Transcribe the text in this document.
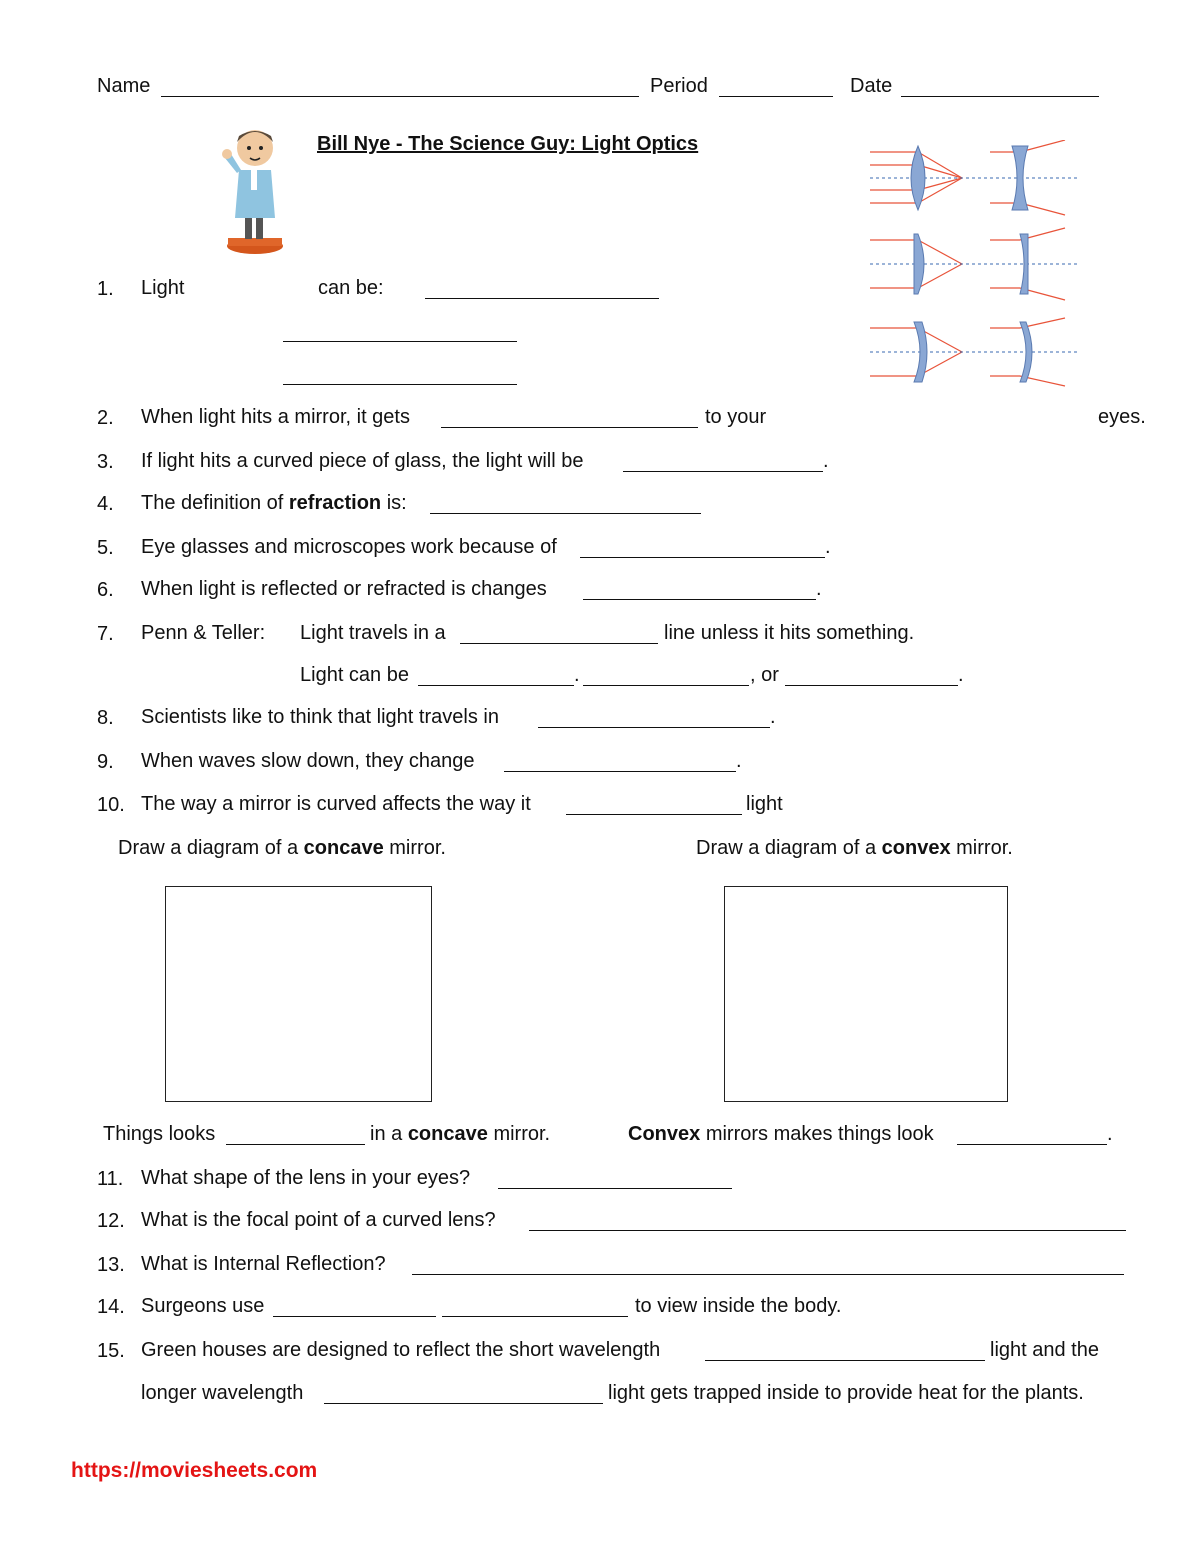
Name	Period	Date
Bill Nye - The Science Guy: Light Optics
1. Light	can be:
2. When light hits a mirror, it gets	to your	eyes.
3. If light hits a curved piece of glass, the light will be	.
4. The definition of refraction is:
5. Eye glasses and microscopes work because of	.
6. When light is reflected or refracted is changes	.
7. Penn & Teller: Light travels in a	line unless it hits something.
Light can be	.	, or	.
8. Scientists like to think that light travels in	.
9. When waves slow down, they change	.
10. The way a mirror is curved affects the way it	light
Draw a diagram of a concave mirror.	Draw a diagram of a convex mirror.
Things looks	in a concave mirror.	Convex mirrors makes things look	.
11. What shape of the lens in your eyes?
12. What is the focal point of a curved lens?
13. What is Internal Reflection?
14. Surgeons use	to view inside the body.
15. Green houses are designed to reflect the short wavelength	light and the
longer wavelength	light gets trapped inside to provide heat for the plants.
https://moviesheets.com
